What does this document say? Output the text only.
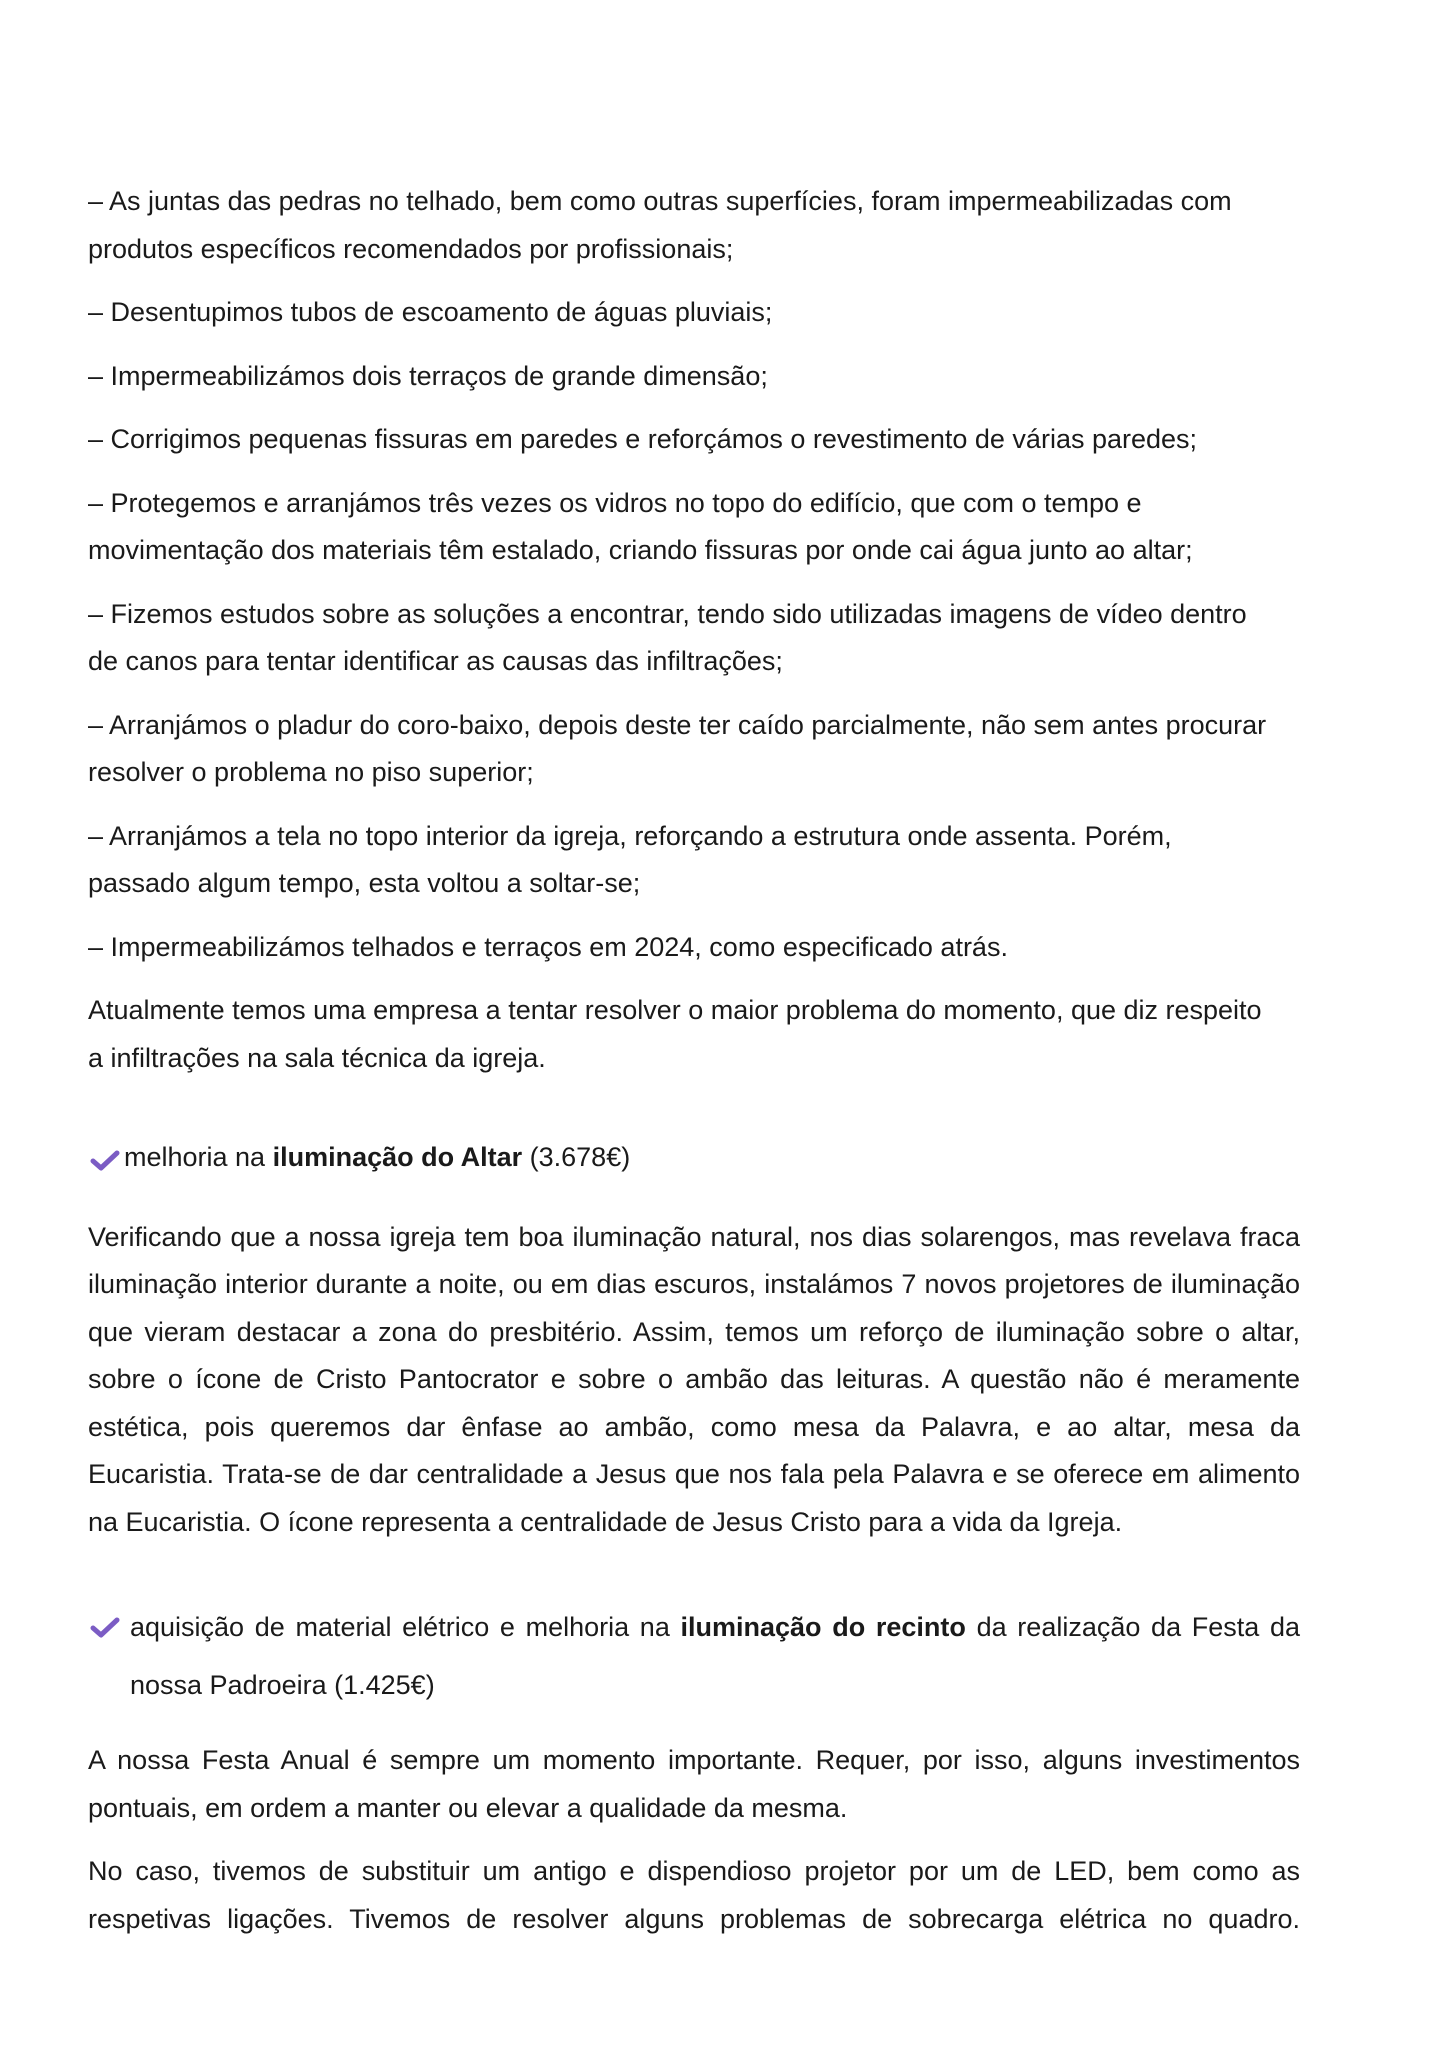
– As juntas das pedras no telhado, bem como outras superfícies, foram impermeabilizadas com
produtos específicos recomendados por profissionais;

– Desentupimos tubos de escoamento de águas pluviais;

– Impermeabilizámos dois terraços de grande dimensão;

– Corrigimos pequenas fissuras em paredes e reforçámos o revestimento de várias paredes;

– Protegemos e arranjámos três vezes os vidros no topo do edifício, que com o tempo e
movimentação dos materiais têm estalado, criando fissuras por onde cai água junto ao altar;

– Fizemos estudos sobre as soluções a encontrar, tendo sido utilizadas imagens de vídeo dentro
de canos para tentar identificar as causas das infiltrações;

– Arranjámos o pladur do coro-baixo, depois deste ter caído parcialmente, não sem antes procurar
resolver o problema no piso superior;

– Arranjámos a tela no topo interior da igreja, reforçando a estrutura onde assenta. Porém,
passado algum tempo, esta voltou a soltar-se;

– Impermeabilizámos telhados e terraços em 2024, como especificado atrás.

Atualmente temos uma empresa a tentar resolver o maior problema do momento, que diz respeito
a infiltrações na sala técnica da igreja.

melhoria na iluminação do Altar (3.678€)

Verificando que a nossa igreja tem boa iluminação natural, nos dias solarengos, mas revelava fraca iluminação interior durante a noite, ou em dias escuros, instalámos 7 novos projetores de iluminação que vieram destacar a zona do presbitério. Assim, temos um reforço de iluminação sobre o altar, sobre o ícone de Cristo Pantocrator e sobre o ambão das leituras. A questão não é meramente estética, pois queremos dar ênfase ao ambão, como mesa da Palavra, e ao altar, mesa da Eucaristia. Trata-se de dar centralidade a Jesus que nos fala pela Palavra e se oferece em alimento na Eucaristia. O ícone representa a centralidade de Jesus Cristo para a vida da Igreja.

aquisição de material elétrico e melhoria na iluminação do recinto da realização da Festa da nossa Padroeira (1.425€)

A nossa Festa Anual é sempre um momento importante. Requer, por isso, alguns investimentos pontuais, em ordem a manter ou elevar a qualidade da mesma.

No caso, tivemos de substituir um antigo e dispendioso projetor por um de LED, bem como as respetivas ligações. Tivemos de resolver alguns problemas de sobrecarga elétrica no quadro.
